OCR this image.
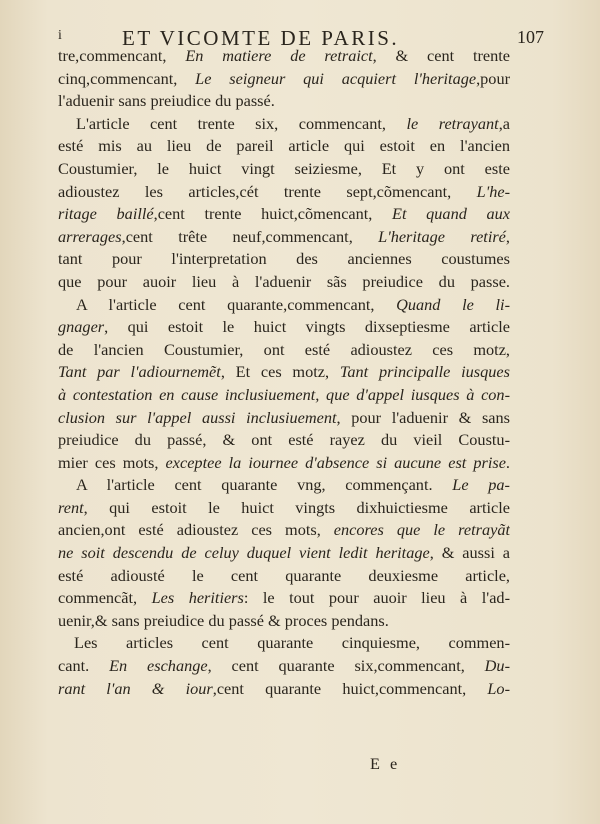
i	ET VICOMTE DE PARIS.	107
tre,commencant, En matiere de retraict, & cent trente
cinq,commencant, Le seigneur qui acquiert l'heritage,pour
l'aduenir sans preiudice du passé.
L'article cent trente six, commencant, le retrayant,a
esté mis au lieu de pareil article qui estoit en l'ancien
Coustumier, le huict vingt seiziesme, Et y ont este
adioustez les articles,cét trente sept,cõmencant, L'he-
ritage baillé,cent trente huict,cõmencant, Et quand aux
arrerages,cent trête neuf,commencant, L'heritage retiré,
tant pour l'interpretation des anciennes coustumes
que pour auoir lieu à l'aduenir sãs preiudice du passe.
A l'article cent quarante,commencant, Quand le li-
gnager, qui estoit le huict vingts dixseptiesme article
de l'ancien Coustumier, ont esté adioustez ces motz,
Tant par l'adiournemẽt, Et ces motz, Tant principalle iusques
à contestation en cause inclusiuement, que d'appel iusques à con-
clusion sur l'appel aussi inclusiuement, pour l'aduenir & sans
preiudice du passé, & ont esté rayez du vieil Coustu-
mier ces mots, exceptee la iournee d'absence si aucune est prise.
A l'article cent quarante vng, commençant. Le pa-
rent, qui estoit le huict vingts dixhuictiesme article
ancien,ont esté adioustez ces mots, encores que le retrayãt
ne soit descendu de celuy duquel vient ledit heritage, & aussi a
esté adiousté le cent quarante deuxiesme article,
commencãt, Les heritiers: le tout pour auoir lieu à l'ad-
uenir,& sans preiudice du passé & proces pendans.
Les articles cent quarante cinquiesme, commen-
cant. En eschange, cent quarante six,commencant, Du-
rant l'an & iour,cent quarante huict,commencant, Lo-
E e
